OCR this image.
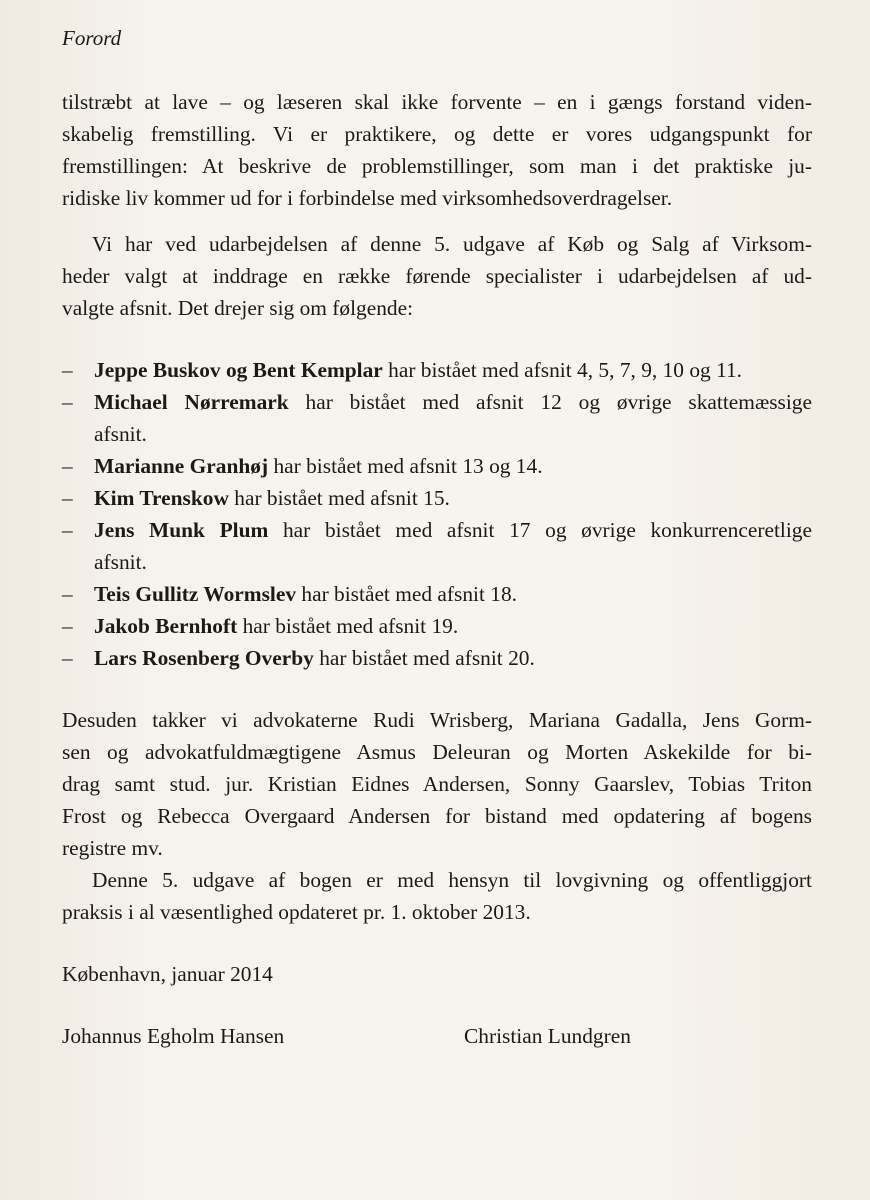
Forord
tilstræbt at lave – og læseren skal ikke forvente – en i gængs forstand viden-
skabelig fremstilling. Vi er praktikere, og dette er vores udgangspunkt for
fremstillingen: At beskrive de problemstillinger, som man i det praktiske ju-
ridiske liv kommer ud for i forbindelse med virksomhedsoverdragelser.
Vi har ved udarbejdelsen af denne 5. udgave af Køb og Salg af Virksom-
heder valgt at inddrage en række førende specialister i udarbejdelsen af ud-
valgte afsnit. Det drejer sig om følgende:
– Jeppe Buskov og Bent Kemplar har bistået med afsnit 4, 5, 7, 9, 10 og 11.
– Michael Nørremark har bistået med afsnit 12 og øvrige skattemæssige
afsnit.
– Marianne Granhøj har bistået med afsnit 13 og 14.
– Kim Trenskow har bistået med afsnit 15.
– Jens Munk Plum har bistået med afsnit 17 og øvrige konkurrenceretlige
afsnit.
– Teis Gullitz Wormslev har bistået med afsnit 18.
– Jakob Bernhoft har bistået med afsnit 19.
– Lars Rosenberg Overby har bistået med afsnit 20.
Desuden takker vi advokaterne Rudi Wrisberg, Mariana Gadalla, Jens Gorm-
sen og advokatfuldmægtigene Asmus Deleuran og Morten Askekilde for bi-
drag samt stud. jur. Kristian Eidnes Andersen, Sonny Gaarslev, Tobias Triton
Frost og Rebecca Overgaard Andersen for bistand med opdatering af bogens
registre mv.
Denne 5. udgave af bogen er med hensyn til lovgivning og offentliggjort
praksis i al væsentlighed opdateret pr. 1. oktober 2013.
København, januar 2014
Johannus Egholm Hansen	Christian Lundgren
